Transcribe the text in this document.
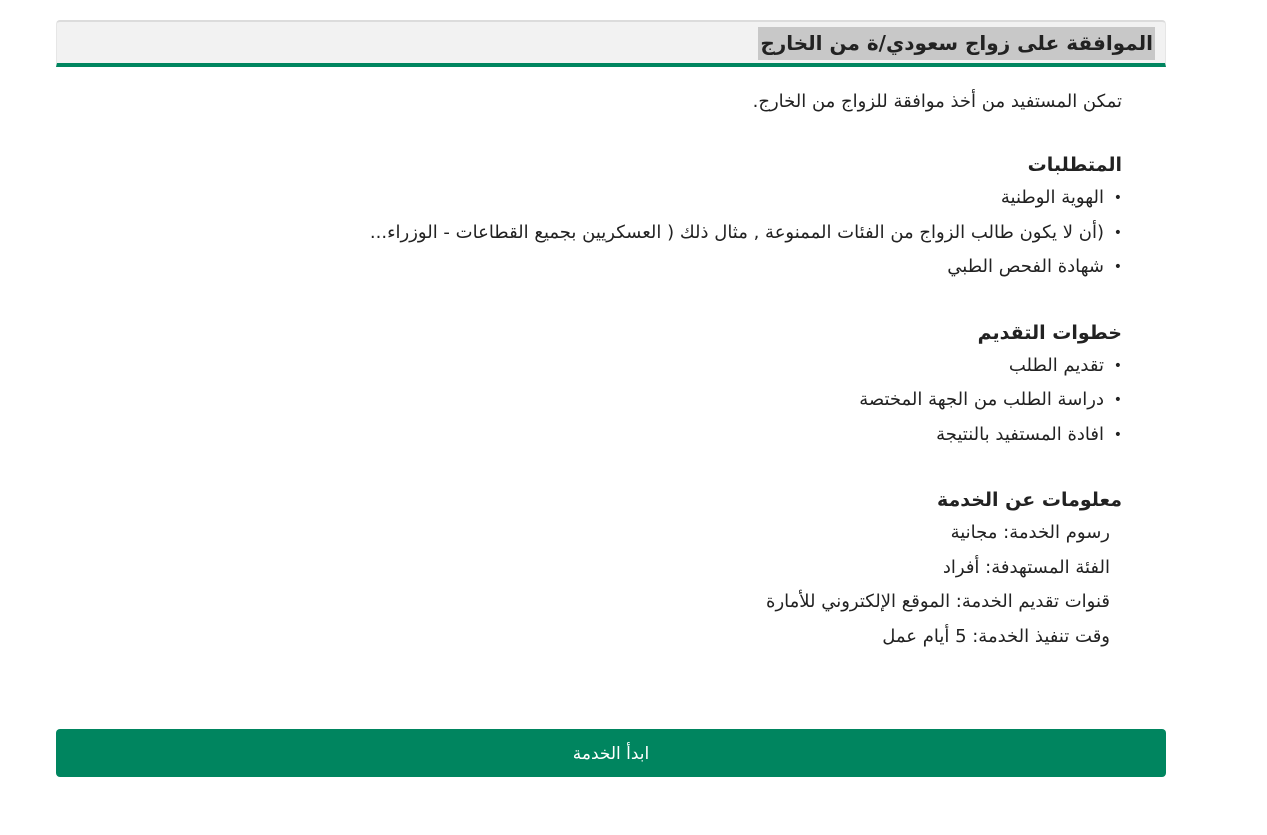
الموافقة على زواج سعودي/ة من الخارج
تمكن المستفيد من أخذ موافقة للزواج من الخارج.
المتطلبات
•
الهوية الوطنية
•
(أن لا يكون طالب الزواج من الفئات الممنوعة , مثال ذلك ( العسكريين بجميع القطاعات - الوزراء...
•
شهادة الفحص الطبي
خطوات التقديم
•
تقديم الطلب
•
دراسة الطلب من الجهة المختصة
•
افادة المستفيد بالنتيجة
معلومات عن الخدمة
رسوم الخدمة: مجانية
الفئة المستهدفة: أفراد
قنوات تقديم الخدمة: الموقع الإلكتروني للأمارة
وقت تنفيذ الخدمة: 5 أيام عمل
ابدأ الخدمة
